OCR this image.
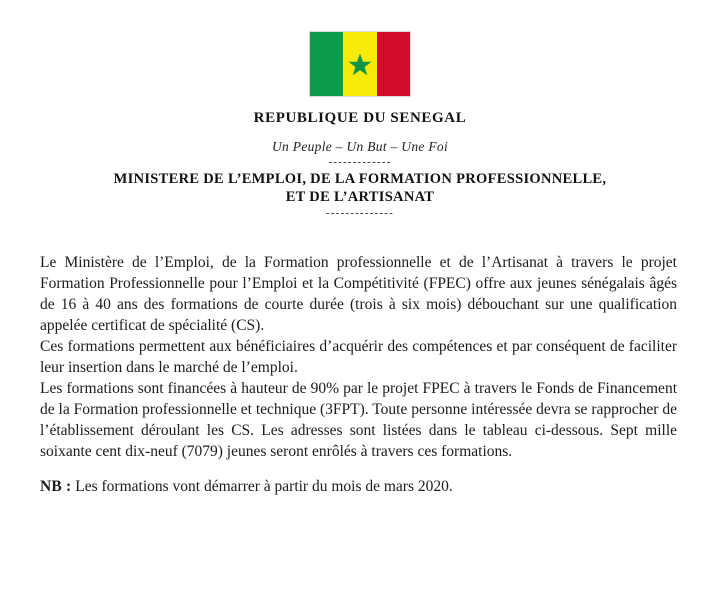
REPUBLIQUE DU SENEGAL
Un Peuple – Un But – Une Foi
-------------
MINISTERE DE L’EMPLOI, DE LA FORMATION PROFESSIONNELLE,
ET DE L’ARTISANAT
--------------

Le Ministère de l’Emploi, de la Formation professionnelle et de l’Artisanat à travers le projet Formation Professionnelle pour l’Emploi et la Compétitivité (FPEC) offre aux jeunes sénégalais âgés de 16 à 40 ans des formations de courte durée (trois à six mois) débouchant sur une qualification appelée certificat de spécialité (CS).

Ces formations permettent aux bénéficiaires d’acquérir des compétences et par conséquent de faciliter leur insertion dans le marché de l’emploi.

Les formations sont financées à hauteur de 90% par le projet FPEC à travers le Fonds de Financement de la Formation professionnelle et technique (3FPT). Toute personne intéressée devra se rapprocher de l’établissement déroulant les CS. Les adresses sont listées dans le tableau ci-dessous. Sept mille soixante cent dix-neuf (7079) jeunes seront enrôlés à travers ces formations.

NB : Les formations vont démarrer à partir du mois de mars 2020.
